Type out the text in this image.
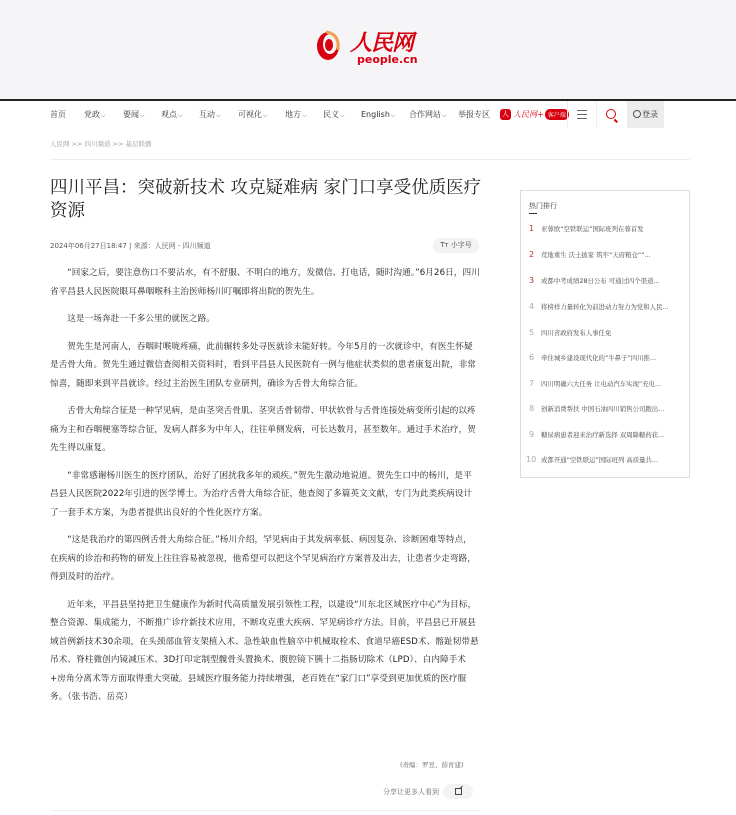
人民网
people.cn
首页 党政⌵ 要闻⌵ 观点⌵ 互动⌵ 可视化⌵ 地方⌵ 民义⌵ English⌵ 合作网站⌵ 举报专区 人 人民网+ 客户端	登录
人民网 >> 四川频道 >> 基层联播
四川平昌：突破新技术 攻克疑难病 家门口享受优质医疗资源
2024年06月27日18:47 | 来源：人民网 - 四川频道	Tт 小字号

“回家之后，要注意伤口不要沾水，有不舒服、不明白的地方，发微信、打电话，随时沟通。”6月26日，四川省平昌县人民医院眼耳鼻咽喉科主治医师杨川叮嘱即将出院的贺先生。

这是一场奔赴一千多公里的就医之路。

贺先生是河南人，吞咽时喉咙疼痛，此前辗转多处寻医就诊未能好转。今年5月的一次就诊中，有医生怀疑是舌骨大角。贺先生通过微信查阅相关资料时，看到平昌县人民医院有一例与他症状类似的患者康复出院，非常惊喜，随即来到平昌就诊。经过主治医生团队专业研判，确诊为舌骨大角综合征。

舌骨大角综合征是一种罕见病，是由茎突舌骨肌、茎突舌骨韧带、甲状软骨与舌骨连接处病变所引起的以疼痛为主和吞咽梗塞等综合征，发病人群多为中年人，往往单侧发病，可长达数月，甚至数年。通过手术治疗，贺先生得以康复。

“非常感谢杨川医生的医疗团队，治好了困扰我多年的顽疾。”贺先生激动地说道。贺先生口中的杨川，是平昌县人民医院2022年引进的医学博士。为治疗舌骨大角综合征，他查阅了多篇英文文献，专门为此类疾病设计了一套手术方案，为患者提供出良好的个性化医疗方案。

“这是我治疗的第四例舌骨大角综合征。”杨川介绍，罕见病由于其发病率低、病因复杂、诊断困难等特点，在疾病的诊治和药物的研发上往往容易被忽视，他希望可以把这个罕见病治疗方案普及出去，让患者少走弯路，得到及时的治疗。

近年来，平昌县坚持把卫生健康作为新时代高质量发展引领性工程，以建设“川东北区域医疗中心”为目标，整合资源、集成能力，不断推广诊疗新技术应用，不断攻克重大疾病、罕见病诊疗方法。目前，平昌县已开展县域首例新技术30余项，在头颈部血管支架植入术、急性缺血性脑卒中机械取栓术、食道早癌ESD术、髂趾韧带悬吊术、脊柱微创内镜减压术、3D打印定制型髋骨头置换术、腹腔镜下胰十二指肠切除术（LPD）、白内障手术+房角分离术等方面取得重大突破。县域医疗服务能力持续增强，老百姓在“家门口”享受到更加优质的医疗服务。（张书浩、岳亮）

(责编：罗昱、薛育建)
分享让更多人看到
热门排行
1 亚蓉欧“空铁联运”国际班列在蓉首发
2 荒地重生 沃土披家 筑牢“天府粮仓”“...
3 成都中考成绩28日公布 可通过四个渠道...
4 将榜样力量转化为前进动力努力为党和人民...
5 四川省政府发布人事任免
6 牵住城乡建设现代化的“牛鼻子”四川推...
7 四川明确六大任务 让电动汽车实现“充电...
8 创新消费帮扶 中国石油四川销售公司跑出...
9 糖尿病患者迎来治疗新选择 双周降糖药获...
10 成都开通“空铁联运”国际班列 高质量共...
